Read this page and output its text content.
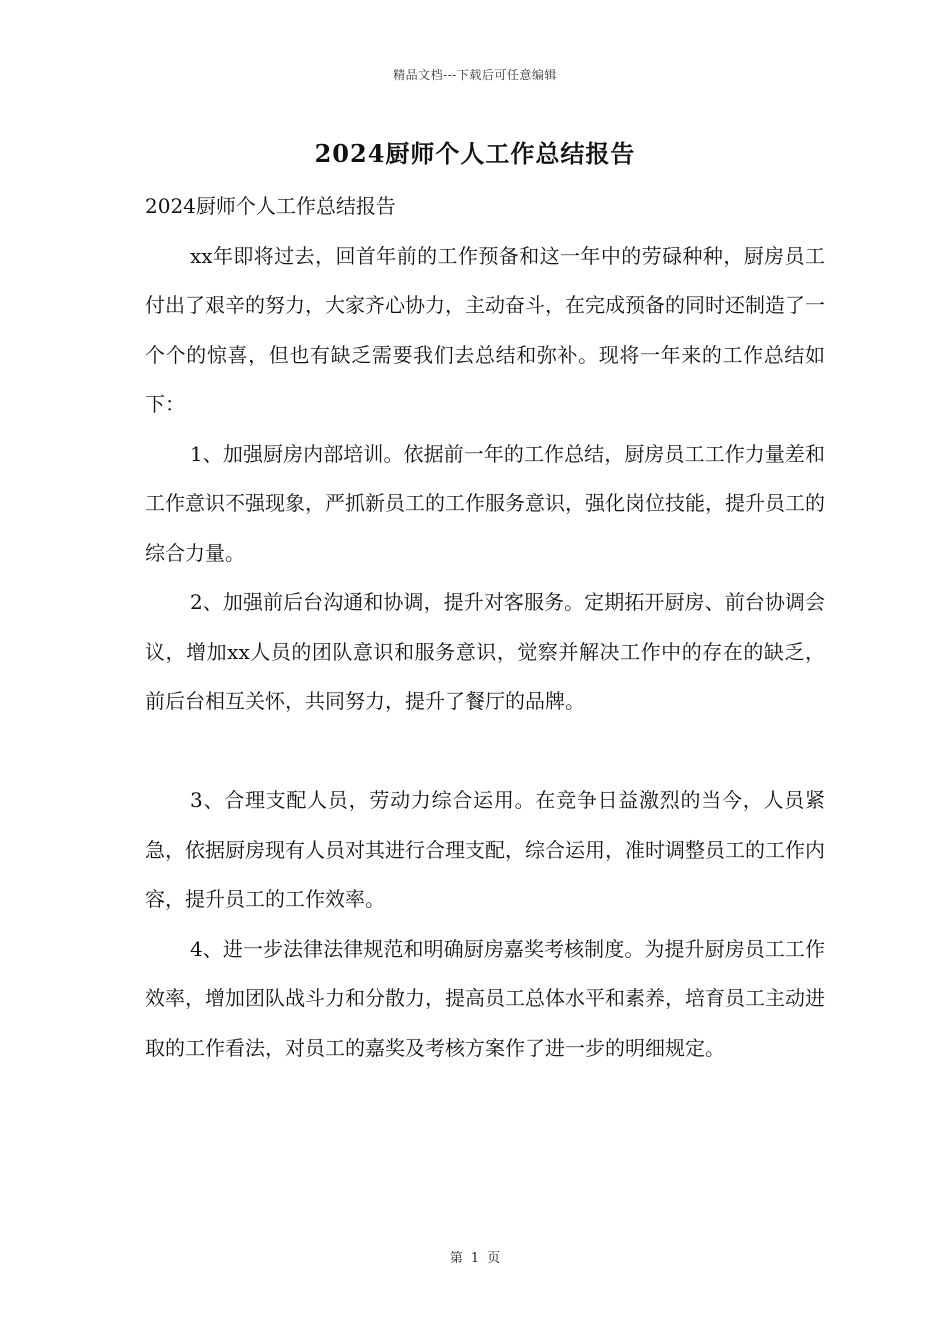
精品文档---下载后可任意编辑
2024厨师个人工作总结报告

2024厨师个人工作总结报告

xx年即将过去，回首年前的工作预备和这一年中的劳碌种种，厨房员工付出了艰辛的努力，大家齐心协力，主动奋斗，在完成预备的同时还制造了一个个的惊喜，但也有缺乏需要我们去总结和弥补。现将一年来的工作总结如下：

1、加强厨房内部培训。依据前一年的工作总结，厨房员工工作力量差和工作意识不强现象，严抓新员工的工作服务意识，强化岗位技能，提升员工的综合力量。

2、加强前后台沟通和协调，提升对客服务。定期拓开厨房、前台协调会议，增加xx人员的团队意识和服务意识，觉察并解决工作中的存在的缺乏，前后台相互关怀，共同努力，提升了餐厅的品牌。

3、合理支配人员，劳动力综合运用。在竞争日益激烈的当今，人员紧急，依据厨房现有人员对其进行合理支配，综合运用，准时调整员工的工作内容，提升员工的工作效率。

4、进一步法律法律规范和明确厨房嘉奖考核制度。为提升厨房员工工作效率，增加团队战斗力和分散力，提高员工总体水平和素养，培育员工主动进取的工作看法，对员工的嘉奖及考核方案作了进一步的明细规定。

第 1 页
